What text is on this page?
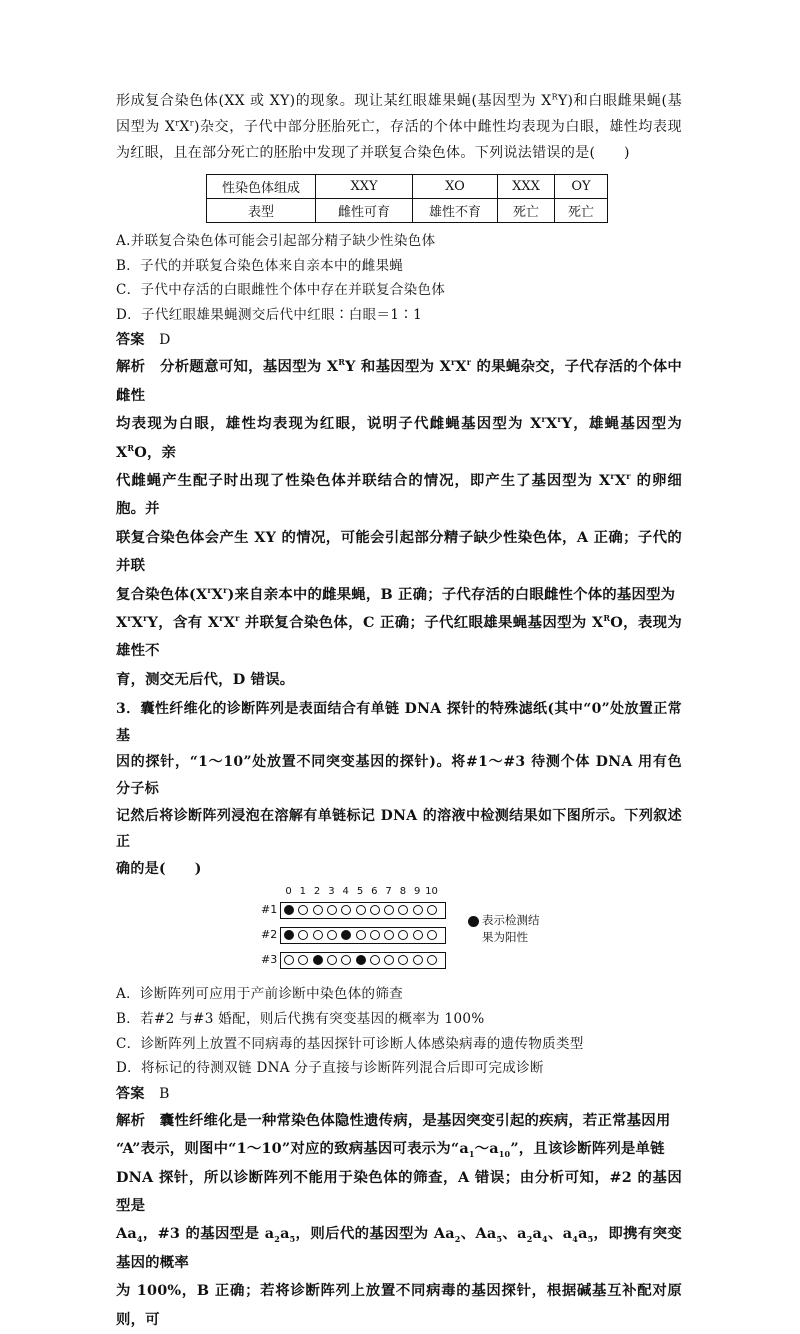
形成复合染色体(XX 或 XY)的现象。现让某红眼雄果蝇(基因型为 $X^RY$)和白眼雌果蝇(基因型为 $X^rX^r$)杂交，子代中部分胚胎死亡，存活的个体中雌性均表现为白眼，雄性均表现为红眼，且在部分死亡的胚胎中发现了并联复合染色体。下列说法错误的是(　　)

性染色体组成	XXY	XO	XXX	OY
表型	雌性可育	雄性不育	死亡	死亡

A.并联复合染色体可能会引起部分精子缺少性染色体

B．子代的并联复合染色体来自亲本中的雌果蝇

C．子代中存活的白眼雌性个体中存在并联复合染色体

D．子代红眼雄果蝇测交后代中红眼∶白眼＝1∶1

答案　 D

解析　分析题意可知，基因型为 $X^RY$ 和基因型为 $X^rX^r$ 的果蝇杂交，子代存活的个体中雌性

均表现为白眼，雄性均表现为红眼，说明子代雌蝇基因型为 $X^rX^rY$，雄蝇基因型为 $X^RO$，亲

代雌蝇产生配子时出现了性染色体并联结合的情况，即产生了基因型为 $X^rX^r$ 的卵细胞。并

联复合染色体会产生 XY 的情况，可能会引起部分精子缺少性染色体，A 正确；子代的并联

复合染色体$(X^rX^r)$来自亲本中的雌果蝇，B 正确；子代存活的白眼雌性个体的基因型为

$X^rX^rY$，含有 $X^rX^r$ 并联复合染色体，C 正确；子代红眼雄果蝇基因型为 $X^RO$，表现为雄性不

育，测交无后代，D 错误。

3．囊性纤维化的诊断阵列是表面结合有单链 DNA 探针的特殊滤纸(其中“0”处放置正常基

因的探针，“1～10”处放置不同突变基因的探针)。将#1～#3 待测个体 DNA 用有色分子标

记然后将诊断阵列浸泡在溶解有单链标记 DNA 的溶液中检测结果如下图所示。下列叙述正

确的是(　　)

0 1 2 3 4 5 6 7 8 9 10
表示检测结
果为阳性
#1
#2
#3

A．诊断阵列可应用于产前诊断中染色体的筛查

B．若#2 与#3 婚配，则后代携有突变基因的概率为 100%

C．诊断阵列上放置不同病毒的基因探针可诊断人体感染病毒的遗传物质类型

D．将标记的待测双链 DNA 分子直接与诊断阵列混合后即可完成诊断

答案　 B

解析　囊性纤维化是一种常染色体隐性遗传病，是基因突变引起的疾病，若正常基因用

“A”表示，则图中“1～10”对应的致病基因可表示为“$a_1\sim a_{10}$”，且该诊断阵列是单链

DNA 探针，所以诊断阵列不能用于染色体的筛查，A 错误；由分析可知，#2 的基因型是

$Aa_4$，#3 的基因型是 $a_2a_5$，则后代的基因型为 $Aa_2$、$Aa_5$、$a_2a_4$、$a_4a_5$，即携有突变基因的概率

为 100%，B 正确；若将诊断阵列上放置不同病毒的基因探针，根据碱基互补配对原则，可
